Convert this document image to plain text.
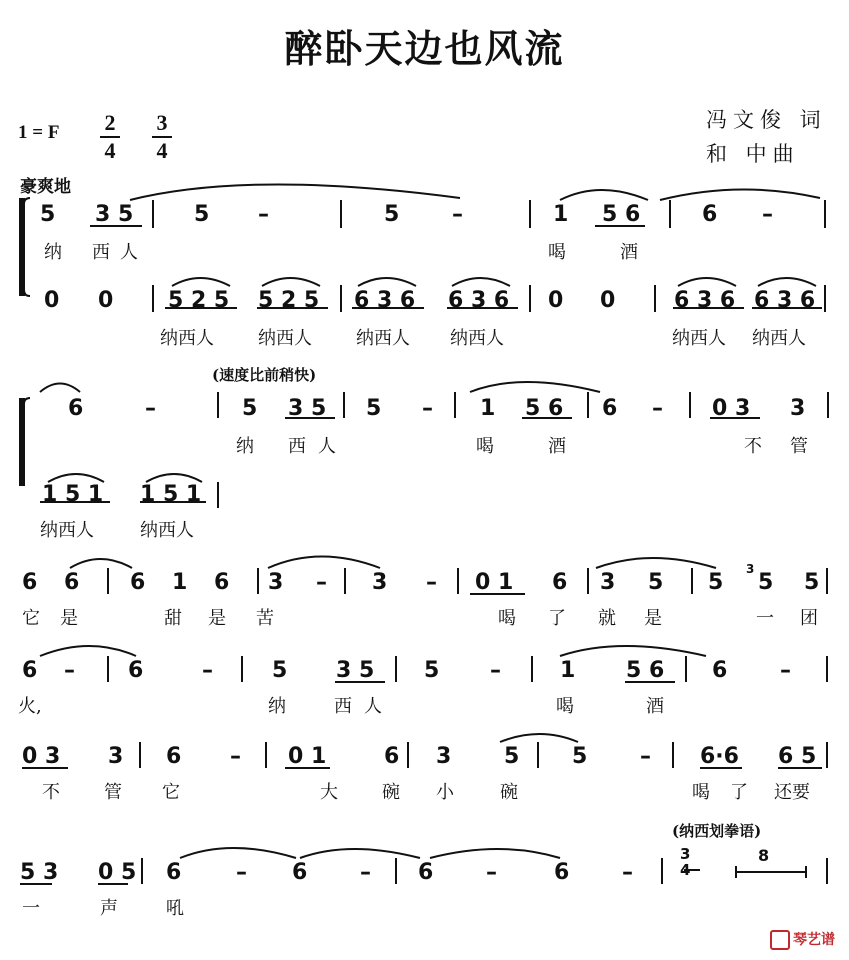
醉卧天边也风流
1 = F 2
4
3
4
冯文俊 词
和 中曲
豪爽地
5 3 5	5 –	5 –	1 5 6	6 –
纳 西人	喝	酒
0 0 5 2 5 5 2 5 6 3 6 6 3 6 0 0	6 3 6 6 3 6
纳西人 纳西人 纳西人 纳西人	纳西人 纳西人
(速度比前稍快)
6	–	5 3 5 5 – 1 5 6 6 – 0 3 3
纳 西 人	喝	酒	不 管
1 5 1 1 5 1
纳西人	纳西人
6 6 6 1 6 3 – 3 – 0 1 6 3 5 5
3
5 5
它 是	甜 是 苦	喝 了 就 是	一 团
6 – 6	–	5 3 5 5 –	1 5 6 6 –
火,	纳	西 人	喝	酒
0 3 3 6 – 0 1	6 3 5 5 – 6·6 6 5
不 管 它	大 碗 小	碗	喝 了 还要
(纳西划拳语)
5 3 0 5 6 – 6 – 6 –	6 –
3
4
8
一	声	吼
琴艺谱
